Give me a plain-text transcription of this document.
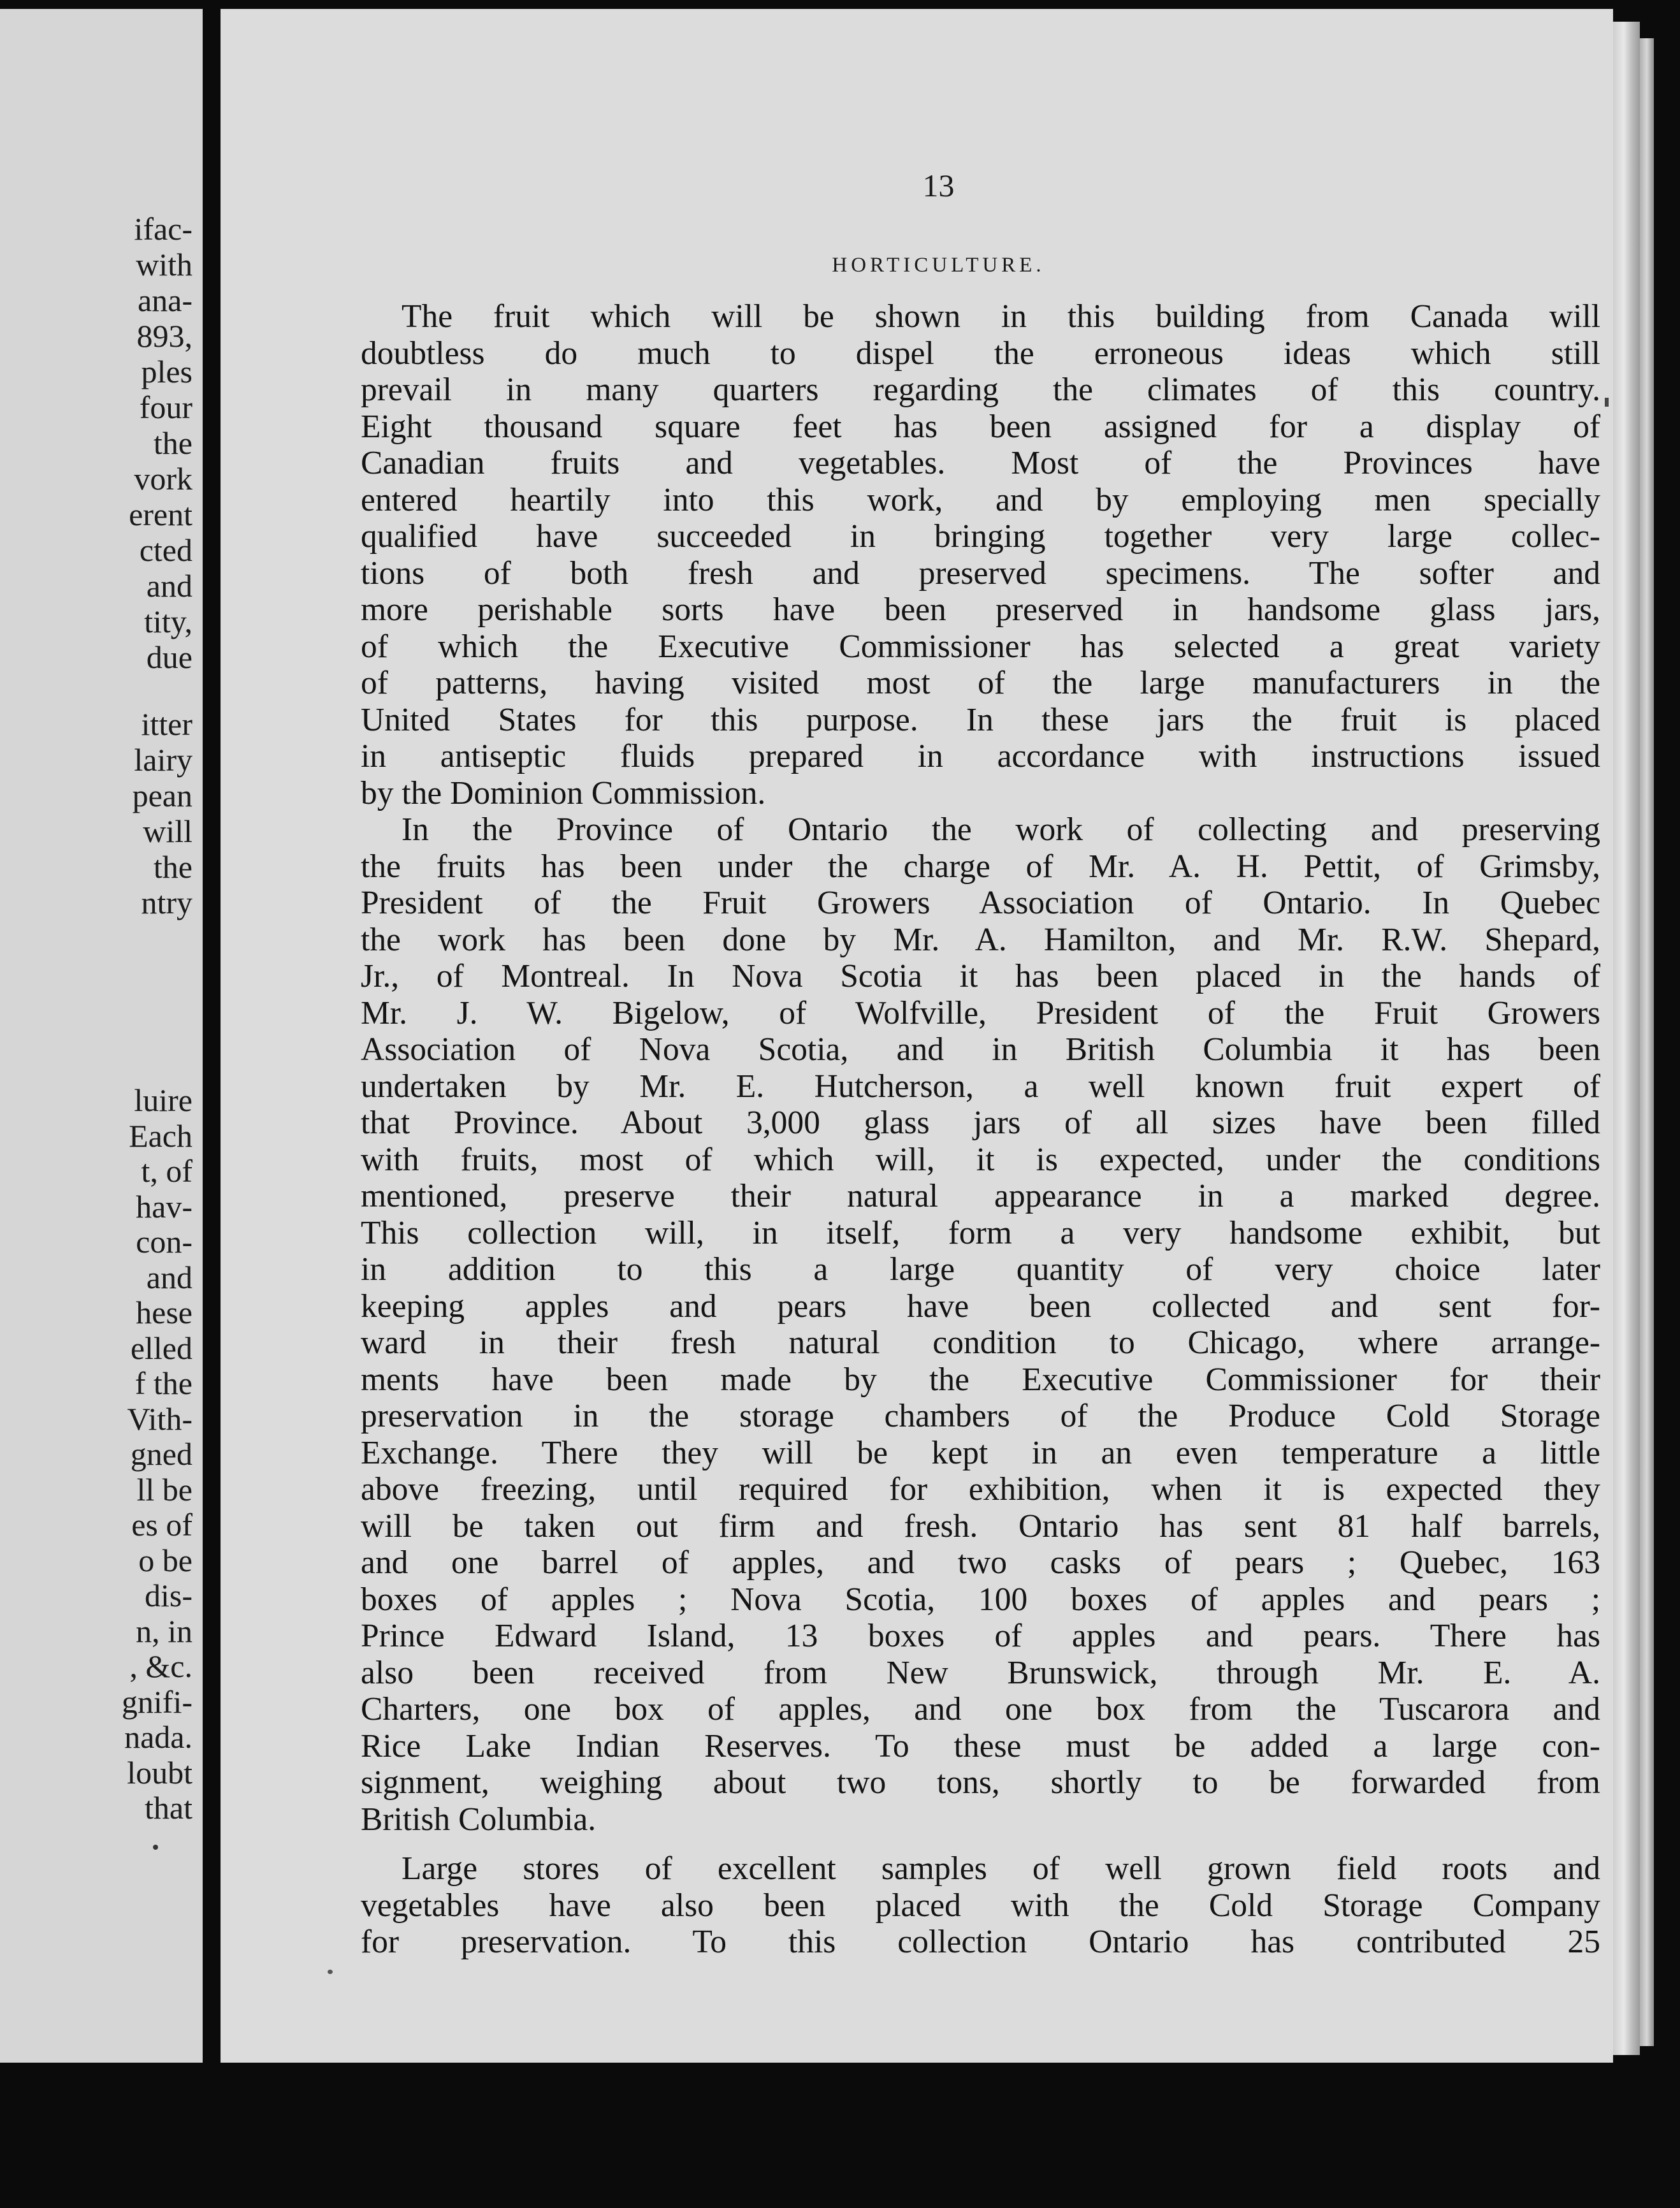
ifac-
with
ana-
893,
ples
four
the
vork
erent
cted
and
tity,
due
itter
lairy
pean
will
the
ntry
luire
Each
t, of
hav-
con-
and
hese
elled
f the
Vith-
gned
ll be
es of
o be
dis-
n, in
, &c.
gnifi-
nada.
loubt
that
13
HORTICULTURE.
The fruit which will be shown in this building from Canada will
doubtless do much to dispel the erroneous ideas which still
prevail in many quarters regarding the climates of this country.
Eight thousand square feet has been assigned for a display of
Canadian fruits and vegetables. Most of the Provinces have
entered heartily into this work, and by employing men specially
qualified have succeeded in bringing together very large collec-
tions of both fresh and preserved specimens. The softer and
more perishable sorts have been preserved in handsome glass jars,
of which the Executive Commissioner has selected a great variety
of patterns, having visited most of the large manufacturers in the
United States for this purpose. In these jars the fruit is placed
in antiseptic fluids prepared in accordance with instructions issued
by the Dominion Commission.
In the Province of Ontario the work of collecting and preserving
the fruits has been under the charge of Mr. A. H. Pettit, of Grimsby,
President of the Fruit Growers Association of Ontario. In Quebec
the work has been done by Mr. A. Hamilton, and Mr. R.W. Shepard,
Jr., of Montreal. In Nova Scotia it has been placed in the hands of
Mr. J. W. Bigelow, of Wolfville, President of the Fruit Growers
Association of Nova Scotia, and in British Columbia it has been
undertaken by Mr. E. Hutcherson, a well known fruit expert of
that Province. About 3,000 glass jars of all sizes have been filled
with fruits, most of which will, it is expected, under the conditions
mentioned, preserve their natural appearance in a marked degree.
This collection will, in itself, form a very handsome exhibit, but
in addition to this a large quantity of very choice later
keeping apples and pears have been collected and sent for-
ward in their fresh natural condition to Chicago, where arrange-
ments have been made by the Executive Commissioner for their
preservation in the storage chambers of the Produce Cold Storage
Exchange. There they will be kept in an even temperature a little
above freezing, until required for exhibition, when it is expected they
will be taken out firm and fresh. Ontario has sent 81 half barrels,
and one barrel of apples, and two casks of pears ; Quebec, 163
boxes of apples ; Nova Scotia, 100 boxes of apples and pears ;
Prince Edward Island, 13 boxes of apples and pears. There has
also been received from New Brunswick, through Mr. E. A.
Charters, one box of apples, and one box from the Tuscarora and
Rice Lake Indian Reserves. To these must be added a large con-
signment, weighing about two tons, shortly to be forwarded from
British Columbia.
Large stores of excellent samples of well grown field roots and
vegetables have also been placed with the Cold Storage Company
for preservation. To this collection Ontario has contributed 25
